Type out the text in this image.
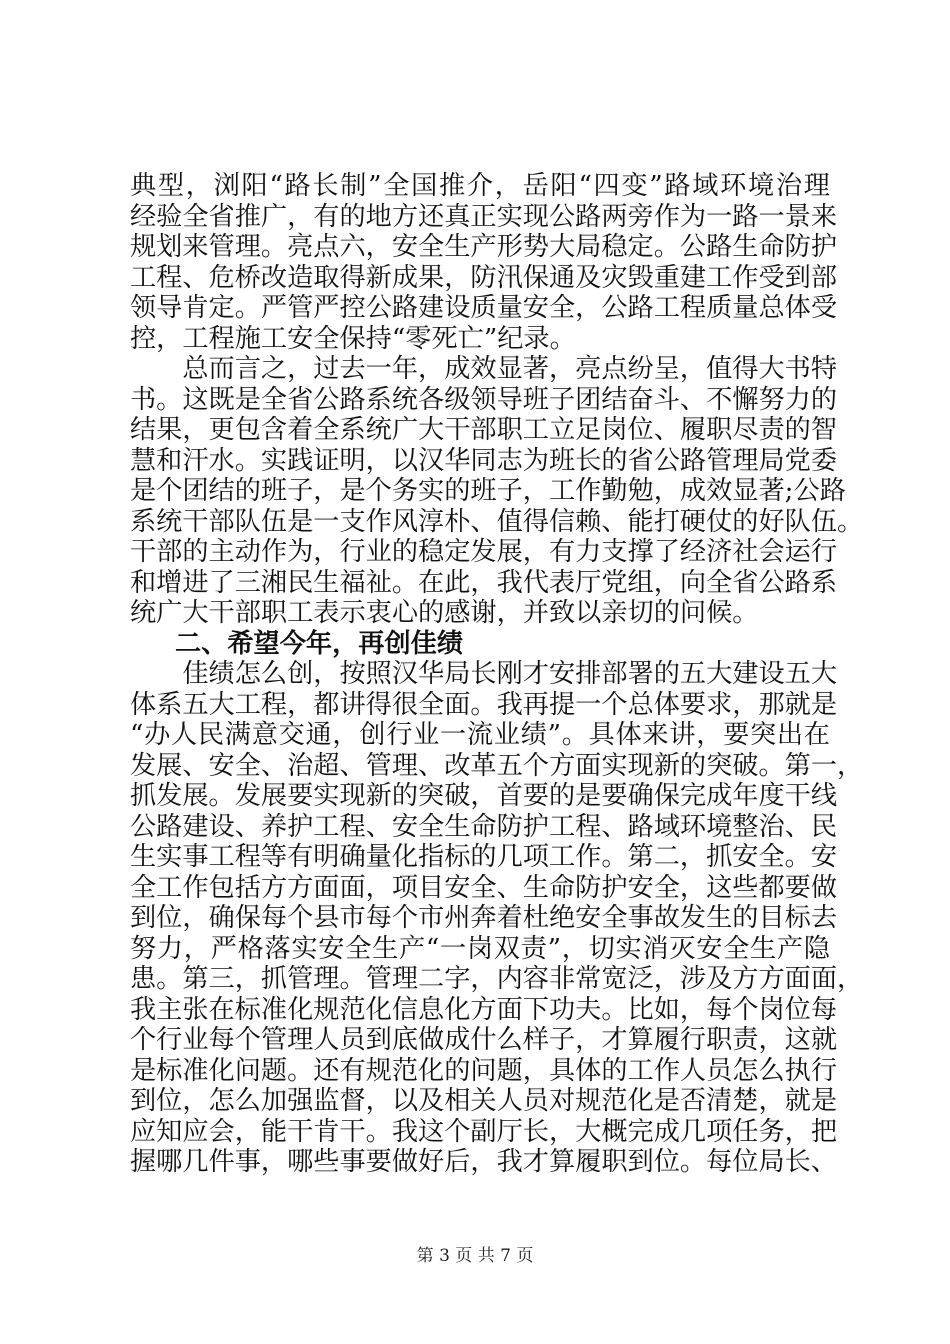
典型，浏阳“路长制”全国推介，岳阳“四变”路域环境治理
经验全省推广，有的地方还真正实现公路两旁作为一路一景来
规划来管理。亮点六，安全生产形势大局稳定。公路生命防护
工程、危桥改造取得新成果，防汛保通及灾毁重建工作受到部
领导肯定。严管严控公路建设质量安全，公路工程质量总体受
控，工程施工安全保持“零死亡”纪录。
　　总而言之，过去一年，成效显著，亮点纷呈，值得大书特
书。这既是全省公路系统各级领导班子团结奋斗、不懈努力的
结果，更包含着全系统广大干部职工立足岗位、履职尽责的智
慧和汗水。实践证明，以汉华同志为班长的省公路管理局党委
是个团结的班子，是个务实的班子，工作勤勉，成效显著;公路
系统干部队伍是一支作风淳朴、值得信赖、能打硬仗的好队伍。
干部的主动作为，行业的稳定发展，有力支撑了经济社会运行
和增进了三湘民生福祉。在此，我代表厅党组，向全省公路系
统广大干部职工表示衷心的感谢，并致以亲切的问候。
二、希望今年，再创佳绩
　　佳绩怎么创，按照汉华局长刚才安排部署的五大建设五大
体系五大工程，都讲得很全面。我再提一个总体要求，那就是
“办人民满意交通，创行业一流业绩”。具体来讲，要突出在
发展、安全、治超、管理、改革五个方面实现新的突破。第一，
抓发展。发展要实现新的突破，首要的是要确保完成年度干线
公路建设、养护工程、安全生命防护工程、路域环境整治、民
生实事工程等有明确量化指标的几项工作。第二，抓安全。安
全工作包括方方面面，项目安全、生命防护安全，这些都要做
到位，确保每个县市每个市州奔着杜绝安全事故发生的目标去
努力，严格落实安全生产“一岗双责”，切实消灭安全生产隐
患。第三，抓管理。管理二字，内容非常宽泛，涉及方方面面，
我主张在标准化规范化信息化方面下功夫。比如，每个岗位每
个行业每个管理人员到底做成什么样子，才算履行职责，这就
是标准化问题。还有规范化的问题，具体的工作人员怎么执行
到位，怎么加强监督，以及相关人员对规范化是否清楚，就是
应知应会，能干肯干。我这个副厅长，大概完成几项任务，把
握哪几件事，哪些事要做好后，我才算履职到位。每位局长、
第 3 页 共 7 页
